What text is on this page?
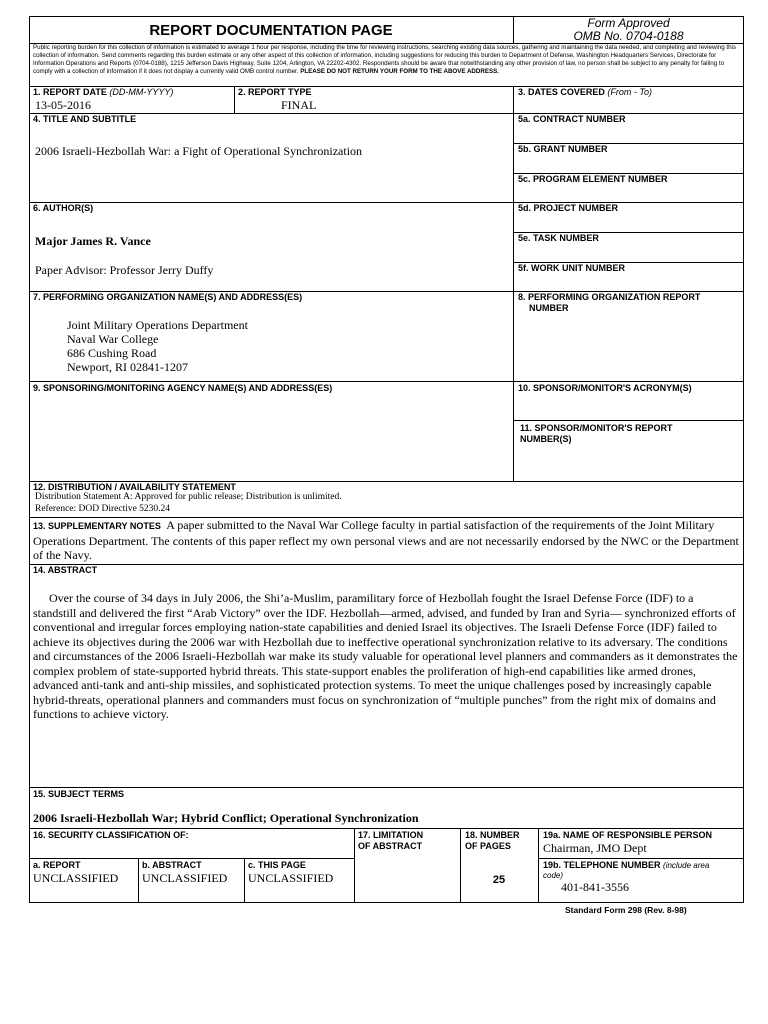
REPORT DOCUMENTATION PAGE	Form Approved
OMB No. 0704-0188
Public reporting burden for this collection of information is estimated to average 1 hour per response, including the time for reviewing instructions, searching existing data sources, gathering and maintaining the data needed, and completing and reviewing this collection of information. Send comments regarding this burden estimate or any other aspect of this collection of information, including suggestions for reducing this burden to Department of Defense, Washington Headquarters Services, Directorate for Information Operations and Reports (0704-0188), 1215 Jefferson Davis Highway, Suite 1204, Arlington, VA 22202-4302. Respondents should be aware that notwithstanding any other provision of law, no person shall be subject to any penalty for failing to comply with a collection of information if it does not display a currently valid OMB control number. PLEASE DO NOT RETURN YOUR FORM TO THE ABOVE ADDRESS.
1. REPORT DATE (DD-MM-YYYY)
13-05-2016
2. REPORT TYPE
FINAL
3. DATES COVERED (From - To)
4. TITLE AND SUBTITLE
2006 Israeli-Hezbollah War: a Fight of Operational Synchronization
5a. CONTRACT NUMBER
5b. GRANT NUMBER
5c. PROGRAM ELEMENT NUMBER
6. AUTHOR(S)
Major James R. Vance
Paper Advisor: Professor Jerry Duffy
5d. PROJECT NUMBER
5e. TASK NUMBER
5f. WORK UNIT NUMBER
7. PERFORMING ORGANIZATION NAME(S) AND ADDRESS(ES)
Joint Military Operations Department
Naval War College
686 Cushing Road
Newport, RI 02841-1207
8. PERFORMING ORGANIZATION REPORT
NUMBER
9. SPONSORING/MONITORING AGENCY NAME(S) AND ADDRESS(ES)	10. SPONSOR/MONITOR'S ACRONYM(S)
11. SPONSOR/MONITOR'S REPORT
NUMBER(S)
12. DISTRIBUTION / AVAILABILITY STATEMENT
Distribution Statement A: Approved for public release; Distribution is unlimited.
Reference: DOD Directive 5230.24
13. SUPPLEMENTARY NOTES A paper submitted to the Naval War College faculty in partial satisfaction of the requirements of the Joint Military Operations Department. The contents of this paper reflect my own personal views and are not necessarily endorsed by the NWC or the Department of the Navy.
14. ABSTRACT
Over the course of 34 days in July 2006, the Shi’a-Muslim, paramilitary force of Hezbollah fought the Israel Defense Force (IDF) to a standstill and delivered the first “Arab Victory” over the IDF. Hezbollah—armed, advised, and funded by Iran and Syria— synchronized efforts of conventional and irregular forces employing nation-state capabilities and denied Israel its objectives. The Israeli Defense Force (IDF) failed to achieve its objectives during the 2006 war with Hezbollah due to ineffective operational synchronization relative to its adversary. The conditions and circumstances of the 2006 Israeli-Hezbollah war make its study valuable for operational level planners and commanders as it demonstrates the complex problem of state-supported hybrid threats. This state-support enables the proliferation of high-end capabilities like armed drones, advanced anti-tank and anti-ship missiles, and sophisticated protection systems. To meet the unique challenges posed by increasingly capable hybrid-threats, operational planners and commanders must focus on synchronization of “multiple punches” from the right mix of domains and functions to achieve victory.
15. SUBJECT TERMS
2006 Israeli-Hezbollah War; Hybrid Conflict; Operational Synchronization
16. SECURITY CLASSIFICATION OF:
a. REPORT
UNCLASSIFIED
b. ABSTRACT
UNCLASSIFIED
c. THIS PAGE
UNCLASSIFIED
17. LIMITATION
OF ABSTRACT
18. NUMBER
OF PAGES
25
19a. NAME OF RESPONSIBLE PERSON
Chairman, JMO Dept
19b. TELEPHONE NUMBER (include area
code)
401-841-3556
Standard Form 298 (Rev. 8-98)
